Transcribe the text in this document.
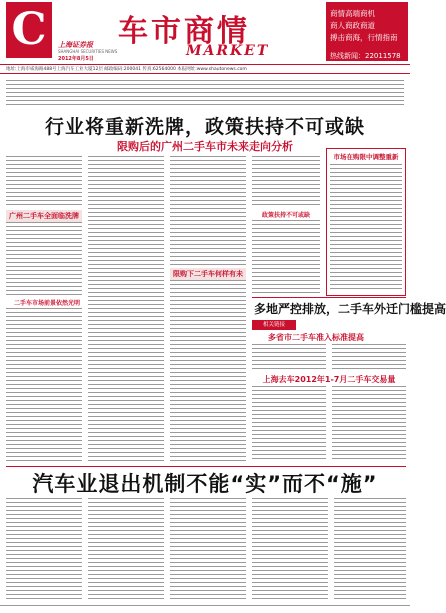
C	上海证券报
SHANGHAI SECURITIES NEWS
2012年8月5日
车市商情
MARKET
商情高端商机
商人商政商道
搏击商海，行情指南
热线新闻：22011578
地址:上海市威海路488号上海汽车工业大厦12层 邮政编码:200041 传真:62564000 本报网址:www.shautonews.com
行业将重新洗牌，政策扶持不可或缺
限购后的广州二手车市未来走向分析
广州二手车全面临洗牌
二手车市场前景依然光明
限购下二手车何样有未
政策扶持不可或缺
市场在购限中调整重新
相关链接
多地严控排放，二手车外迁门槛提高
多省市二手车准入标准提高
上海去车2012年1-7月二手车交易量
汽车业退出机制不能“实”而不“施”
